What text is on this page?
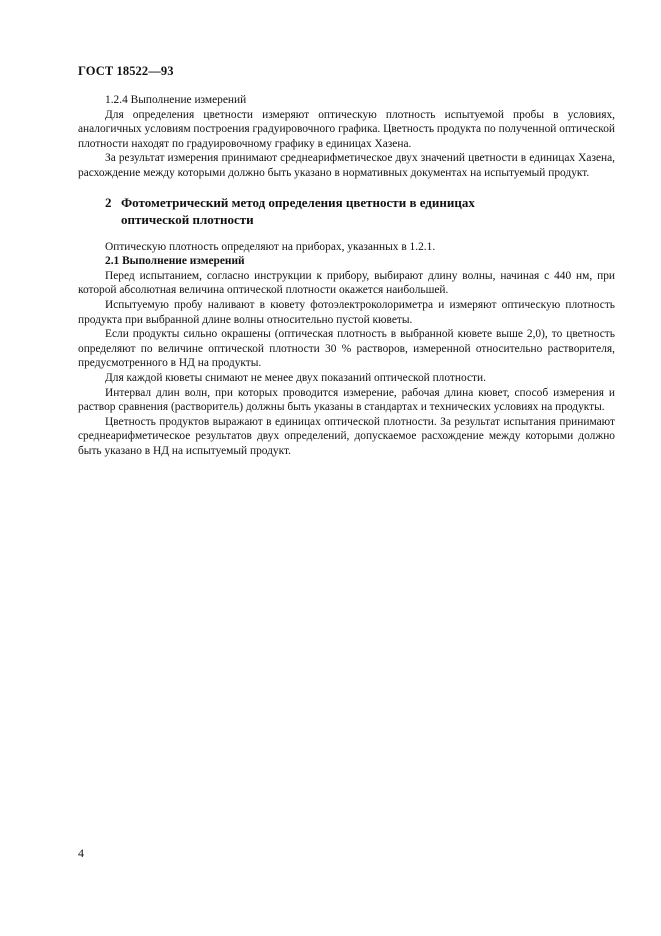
ГОСТ 18522—93

1.2.4 Выполнение измерений

Для определения цветности измеряют оптическую плотность испытуемой пробы в условиях, аналогичных условиям построения градуировочного графика. Цветность продукта по полученной оптической плотности находят по градуировочному графику в единицах Хазена.

За результат измерения принимают среднеарифметическое двух значений цветности в единицах Хазена, расхождение между которыми должно быть указано в нормативных документах на испытуемый продукт.

2 Фотометрический метод определения цветности в единицах
оптической плотности

Оптическую плотность определяют на приборах, указанных в 1.2.1.

2.1 Выполнение измерений

Перед испытанием, согласно инструкции к прибору, выбирают длину волны, начиная с 440 нм, при которой абсолютная величина оптической плотности окажется наибольшей.

Испытуемую пробу наливают в кювету фотоэлектроколориметра и измеряют оптическую плотность продукта при выбранной длине волны относительно пустой кюветы.

Если продукты сильно окрашены (оптическая плотность в выбранной кювете выше 2,0), то цветность определяют по величине оптической плотности 30 % растворов, измеренной относительно растворителя, предусмотренного в НД на продукты.

Для каждой кюветы снимают не менее двух показаний оптической плотности.

Интервал длин волн, при которых проводится измерение, рабочая длина кювет, способ измерения и раствор сравнения (растворитель) должны быть указаны в стандартах и технических условиях на продукты.

Цветность продуктов выражают в единицах оптической плотности. За результат испытания принимают среднеарифметическое результатов двух определений, допускаемое расхождение между которыми должно быть указано в НД на испытуемый продукт.

4
